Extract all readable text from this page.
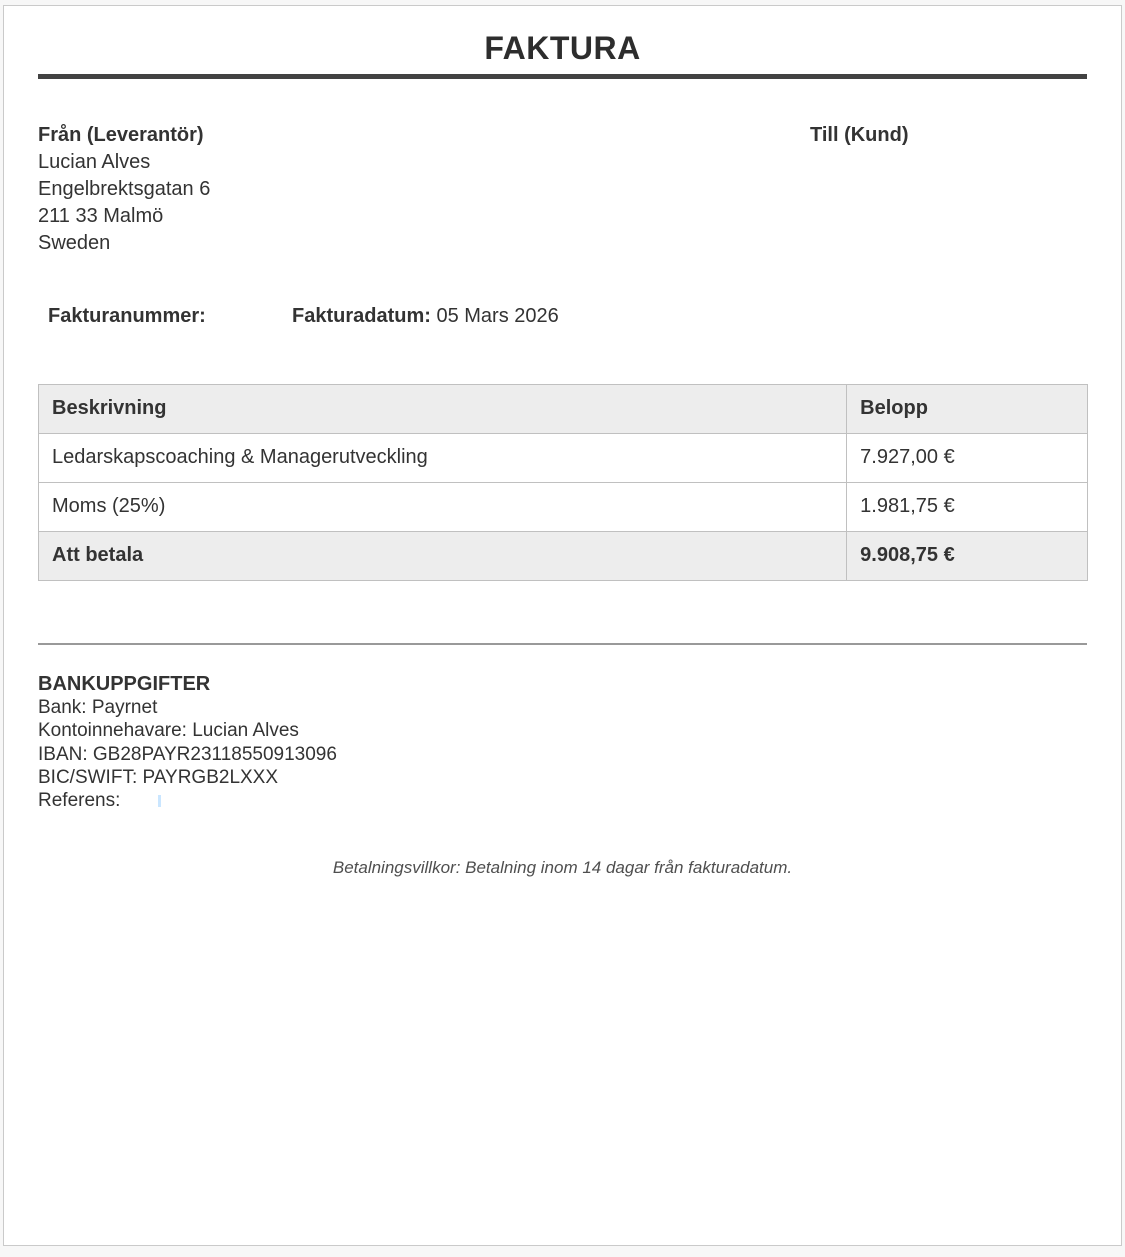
FAKTURA
Från (Leverantör)
Lucian Alves
Engelbrektsgatan 6
211 33 Malmö
Sweden
Till (Kund)
Fakturanummer:	Fakturadatum: 05 Mars 2026
Beskrivning	Belopp
Ledarskapscoaching & Managerutveckling	7.927,00 €
Moms (25%)	1.981,75 €
Att betala	9.908,75 €
BANKUPPGIFTER
Bank: Payrnet
Kontoinnehavare: Lucian Alves
IBAN: GB28PAYR23118550913096
BIC/SWIFT: PAYRGB2LXXX
Referens:
Betalningsvillkor: Betalning inom 14 dagar från fakturadatum.
